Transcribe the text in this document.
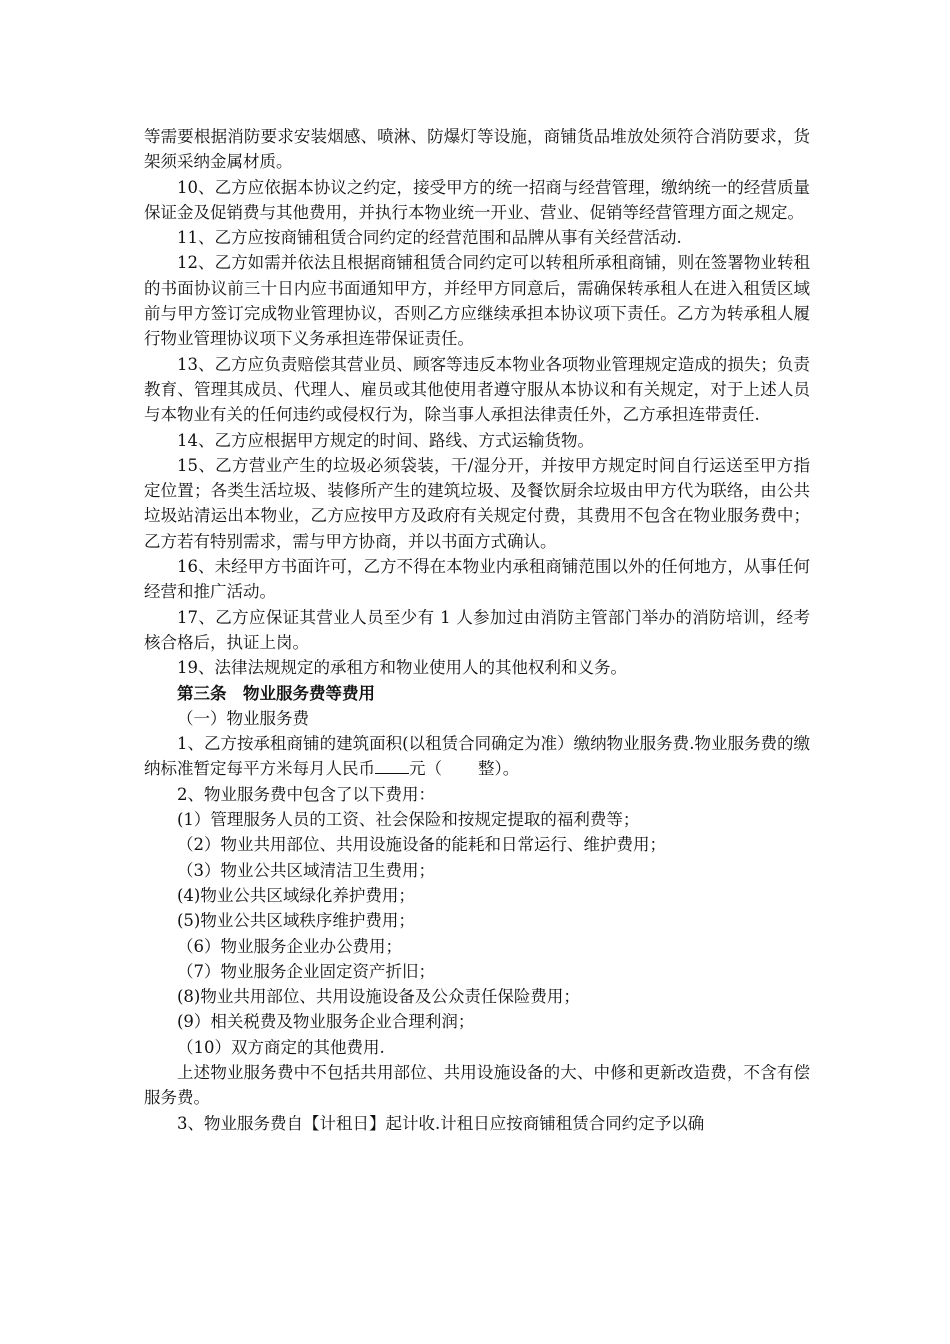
等需要根据消防要求安装烟感、喷淋、防爆灯等设施，商铺货品堆放处须符合消防要求，货架须采纳金属材质。

10、乙方应依据本协议之约定，接受甲方的统一招商与经营管理，缴纳统一的经营质量保证金及促销费与其他费用，并执行本物业统一开业、营业、促销等经营管理方面之规定。

11、乙方应按商铺租赁合同约定的经营范围和品牌从事有关经营活动.

12、乙方如需并依法且根据商铺租赁合同约定可以转租所承租商铺，则在签署物业转租的书面协议前三十日内应书面通知甲方，并经甲方同意后，需确保转承租人在进入租赁区域前与甲方签订完成物业管理协议，否则乙方应继续承担本协议项下责任。乙方为转承租人履行物业管理协议项下义务承担连带保证责任。

13、乙方应负责赔偿其营业员、顾客等违反本物业各项物业管理规定造成的损失；负责教育、管理其成员、代理人、雇员或其他使用者遵守服从本协议和有关规定，对于上述人员与本物业有关的任何违约或侵权行为，除当事人承担法律责任外，乙方承担连带责任.

14、乙方应根据甲方规定的时间、路线、方式运输货物。

15、乙方营业产生的垃圾必须袋装，干/湿分开，并按甲方规定时间自行运送至甲方指定位置；各类生活垃圾、装修所产生的建筑垃圾、及餐饮厨余垃圾由甲方代为联络，由公共垃圾站清运出本物业，乙方应按甲方及政府有关规定付费，其费用不包含在物业服务费中；乙方若有特别需求，需与甲方协商，并以书面方式确认。

16、未经甲方书面许可，乙方不得在本物业内承租商铺范围以外的任何地方，从事任何经营和推广活动。

17、乙方应保证其营业人员至少有 1 人参加过由消防主管部门举办的消防培训，经考核合格后，执证上岗。

19、法律法规规定的承租方和物业使用人的其他权利和义务。

第三条　物业服务费等费用

（一）物业服务费

1、乙方按承租商铺的建筑面积(以租赁合同确定为准）缴纳物业服务费.物业服务费的缴纳标准暂定每平方米每月人民币 元（ 整）。

2、物业服务费中包含了以下费用：

(1）管理服务人员的工资、社会保险和按规定提取的福利费等；

（2）物业共用部位、共用设施设备的能耗和日常运行、维护费用；

（3）物业公共区域清洁卫生费用；

(4)物业公共区域绿化养护费用；

(5)物业公共区域秩序维护费用；

（6）物业服务企业办公费用；

（7）物业服务企业固定资产折旧；

(8)物业共用部位、共用设施设备及公众责任保险费用；

(9）相关税费及物业服务企业合理利润；

（10）双方商定的其他费用.

上述物业服务费中不包括共用部位、共用设施设备的大、中修和更新改造费，不含有偿服务费。

3、物业服务费自【计租日】起计收.计租日应按商铺租赁合同约定予以确
